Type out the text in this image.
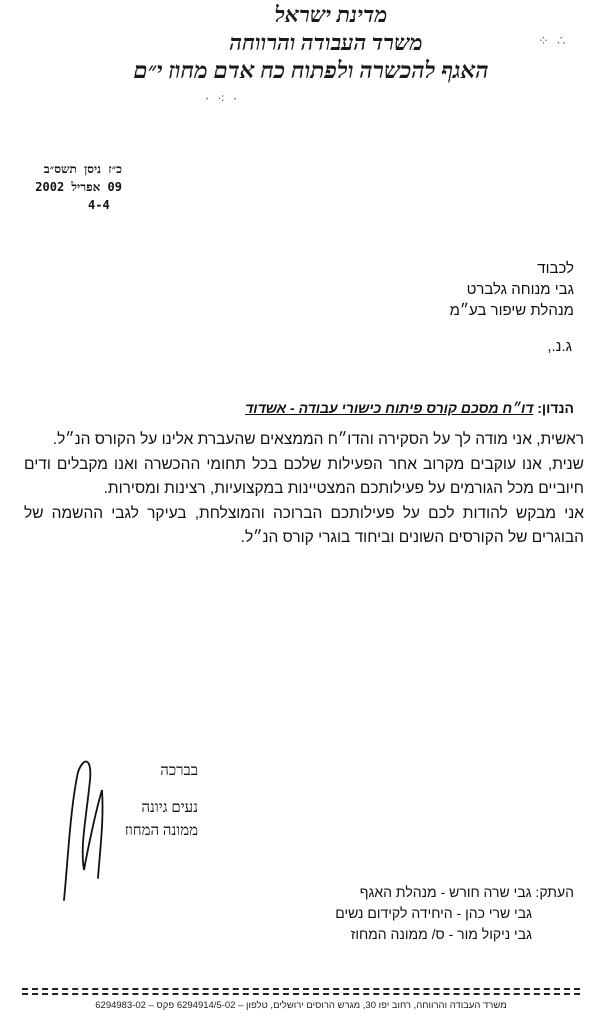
מדינת ישראל
משרד העבודה והרווחה
האגף להכשרה ולפתוח כח אדם מחוז י״ם
∴ ⁘
· ⁖ ·
כ״ז ניסן תשס״ב
09 אפריל 2002
4-4
לכבוד
גבי מנוחה גלברט
מנהלת שיפור בע״מ
ג.נ.,
הנדון: דו״ח מסכם קורס פיתוח כישורי עבודה - אשדוד

ראשית, אני מודה לך על הסקירה והדו״ח הממצאים שהעברת אלינו על הקורס הנ״ל.

שנית, אנו עוקבים מקרוב אחר הפעילות שלכם בכל תחומי ההכשרה ואנו מקבלים ודים חיוביים מכל הגורמים על פעילותכם המצטיינות במקצועיות, רצינות ומסירות.

אני מבקש להודות לכם על פעילותכם הברוכה והמוצלחת, בעיקר לגבי ההשמה של הבוגרים של הקורסים השונים וביחוד בוגרי קורס הנ״ל.

בברכה
נעים גיונה
ממונה המחוז
העתק: גבי שרה חורש - מנהלת האגף
גבי שרי כהן - היחידה לקידום נשים
גבי ניקול מור - ס/ ממונה המחוז
משרד העבודה והרווחה, רחוב יפו 30, מגרש הרוסים ירושלים, טלפון – 6294914/5-02 פקס – 6294983-02
